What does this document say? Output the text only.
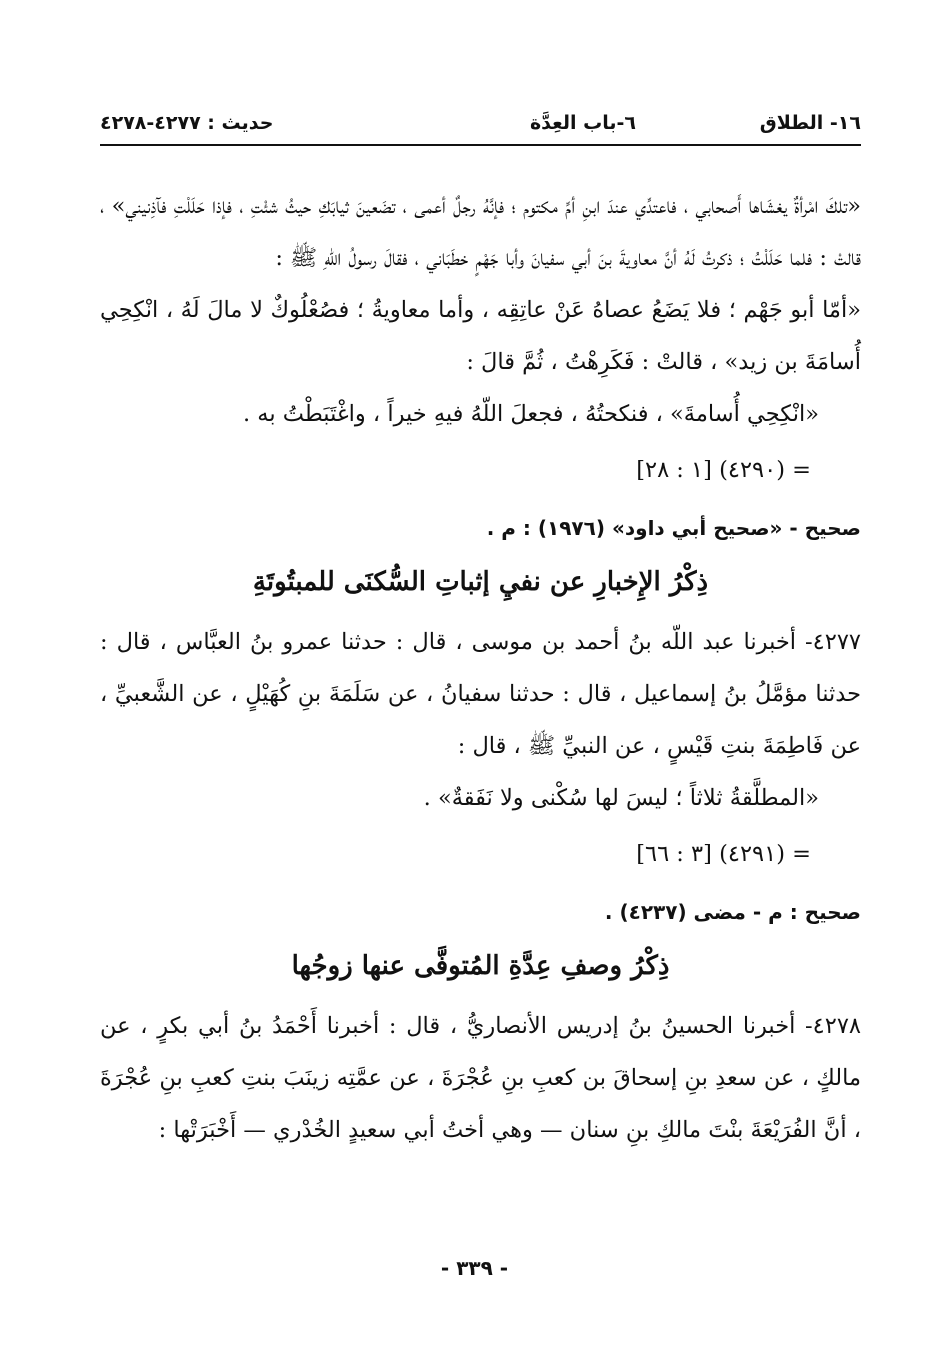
١٦- الطلاق
٦-باب العِدَّة
حديث : ٤٢٧٧-٤٢٧٨

«تلكَ امْرأةٌ يغشَاها أَصحابي ، فاعتدِّي عندَ ابنِ أمِّ مكتوم ؛ فإنَّهُ رجلٌ أعمى ، تضَعينَ ثيابَكِ حيثُ شئْتِ ، فإذا حَلَلْتِ فآذِنيني» ، قالتْ : فلما حَلَلْتُ ؛ ذكرتُ لَهُ أنَّ معاويةَ بنَ أبي سفيانَ وأبا جَهْمٍ خطَبَاني ، فقالَ رسولُ اللّهِ ﷺ :

«أمّا أبو جَهْم ؛ فلا يَضَعُ عصاهُ عَنْ عاتِقِه ، وأما معاويةُ ؛ فصُعْلُوكٌ لا مالَ لَهُ ، انْكِحِي أُسامَةَ بن زيد» ، قالتْ : فَكَرِهْتُ ، ثُمَّ قالَ :

«انْكِحِي أُسامةَ» ، فنكحتُهُ ، فجعلَ اللّهُ فيهِ خيراً ، واغْتَبَطْتُ به .

= (٤٢٩٠) [١ : ٢٨]

صحيح - «صحيح أبي داود» (١٩٧٦) : م .

ذِكْرُ الإِخبارِ عن نفيِ إثباتِ السُّكنَى للمبتُوتَةِ

٤٢٧٧- أخبرنا عبد اللّه بنُ أحمد بن موسى ، قال : حدثنا عمرو بنُ العبَّاس ، قال : حدثنا مؤمَّلُ بنُ إسماعيل ، قال : حدثنا سفيانُ ، عن سَلَمَةَ بنِ كُهَيْلٍ ، عن الشَّعبيِّ ، عن فَاطِمَةَ بنتِ قَيْسٍ ، عن النبيِّ ﷺ ، قال :

«المطلَّقةُ ثلاثاً ؛ ليسَ لها سُكْنى ولا نَفَقةٌ» .

= (٤٢٩١) [٣ : ٦٦]

صحيح : م - مضى (٤٢٣٧) .

ذِكْرُ وصفِ عِدَّةِ المُتوفَّى عنها زوجُها

٤٢٧٨- أخبرنا الحسينُ بنُ إدريس الأنصاريُّ ، قال : أخبرنا أَحْمَدُ بنُ أبي بكرٍ ، عن مالكٍ ، عن سعدِ بنِ إسحاقَ بن كعبِ بنِ عُجْرَةَ ، عن عمَّتِه زينَبَ بنتِ كعبِ بنِ عُجْرَةَ ، أنَّ الفُرَيْعَةَ بنْتَ مالكِ بنِ سنان — وهي أختُ أبي سعيدٍ الخُدْري — أَخْبَرَتْها :

- ٣٣٩ -
